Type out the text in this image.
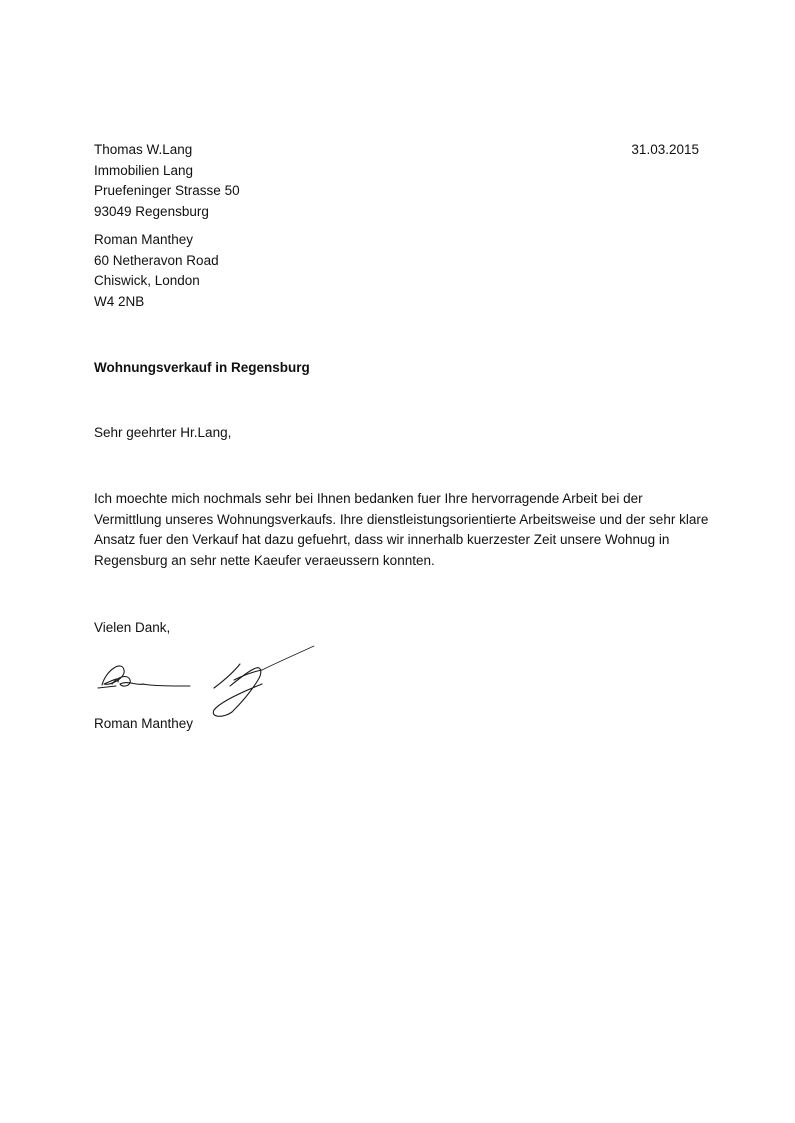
Thomas W.Lang
Immobilien Lang
Pruefeninger Strasse 50
93049 Regensburg
31.03.2015
Roman Manthey
60 Netheravon Road
Chiswick, London
W4 2NB
Wohnungsverkauf in Regensburg
Sehr geehrter Hr.Lang,
Ich moechte mich nochmals sehr bei Ihnen bedanken fuer Ihre hervorragende Arbeit bei der
Vermittlung unseres Wohnungsverkaufs. Ihre dienstleistungsorientierte Arbeitsweise und der sehr klare
Ansatz fuer den Verkauf hat dazu gefuehrt, dass wir innerhalb kuerzester Zeit unsere Wohnug in
Regensburg an sehr nette Kaeufer veraeussern konnten.
Vielen Dank,
Roman Manthey
